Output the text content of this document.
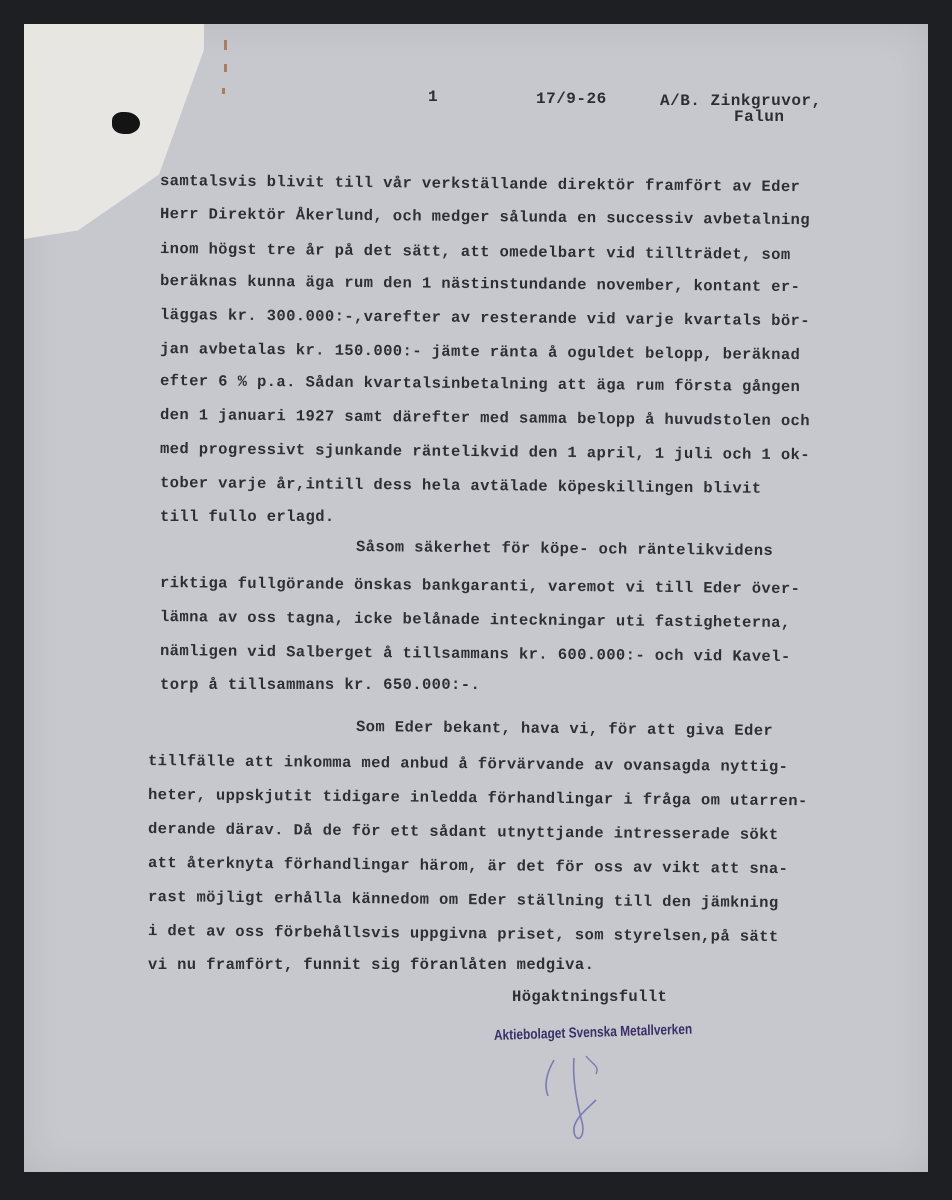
1	17/9-26	A/B. Zinkgruvor,
Falun
samtalsvis blivit till vår verkställande direktör framfört av Eder
Herr Direktör Åkerlund, och medger sålunda en successiv avbetalning
inom högst tre år på det sätt, att omedelbart vid tillträdet, som
beräknas kunna äga rum den 1 nästinstundande november, kontant er-
läggas kr. 300.000:-,varefter av resterande vid varje kvartals bör-
jan avbetalas kr. 150.000:- jämte ränta å oguldet belopp, beräknad
efter 6 % p.a. Sådan kvartalsinbetalning att äga rum första gången
den 1 januari 1927 samt därefter med samma belopp å huvudstolen och
med progressivt sjunkande räntelikvid den 1 april, 1 juli och 1 ok-
tober varje år,intill dess hela avtälade köpeskillingen blivit
till fullo erlagd.
Såsom säkerhet för köpe- och räntelikvidens
riktiga fullgörande önskas bankgaranti, varemot vi till Eder över-
lämna av oss tagna, icke belånade inteckningar uti fastigheterna,
nämligen vid Salberget å tillsammans kr. 600.000:- och vid Kavel-
torp å tillsammans kr. 650.000:-.
Som Eder bekant, hava vi, för att giva Eder
tillfälle att inkomma med anbud å förvärvande av ovansagda nyttig-
heter, uppskjutit tidigare inledda förhandlingar i fråga om utarren-
derande därav. Då de för ett sådant utnyttjande intresserade sökt
att återknyta förhandlingar härom, är det för oss av vikt att sna-
rast möjligt erhålla kännedom om Eder ställning till den jämkning
i det av oss förbehållsvis uppgivna priset, som styrelsen,på sätt
vi nu framfört, funnit sig föranlåten medgiva.
Högaktningsfullt
Aktiebolaget Svenska Metallverken
